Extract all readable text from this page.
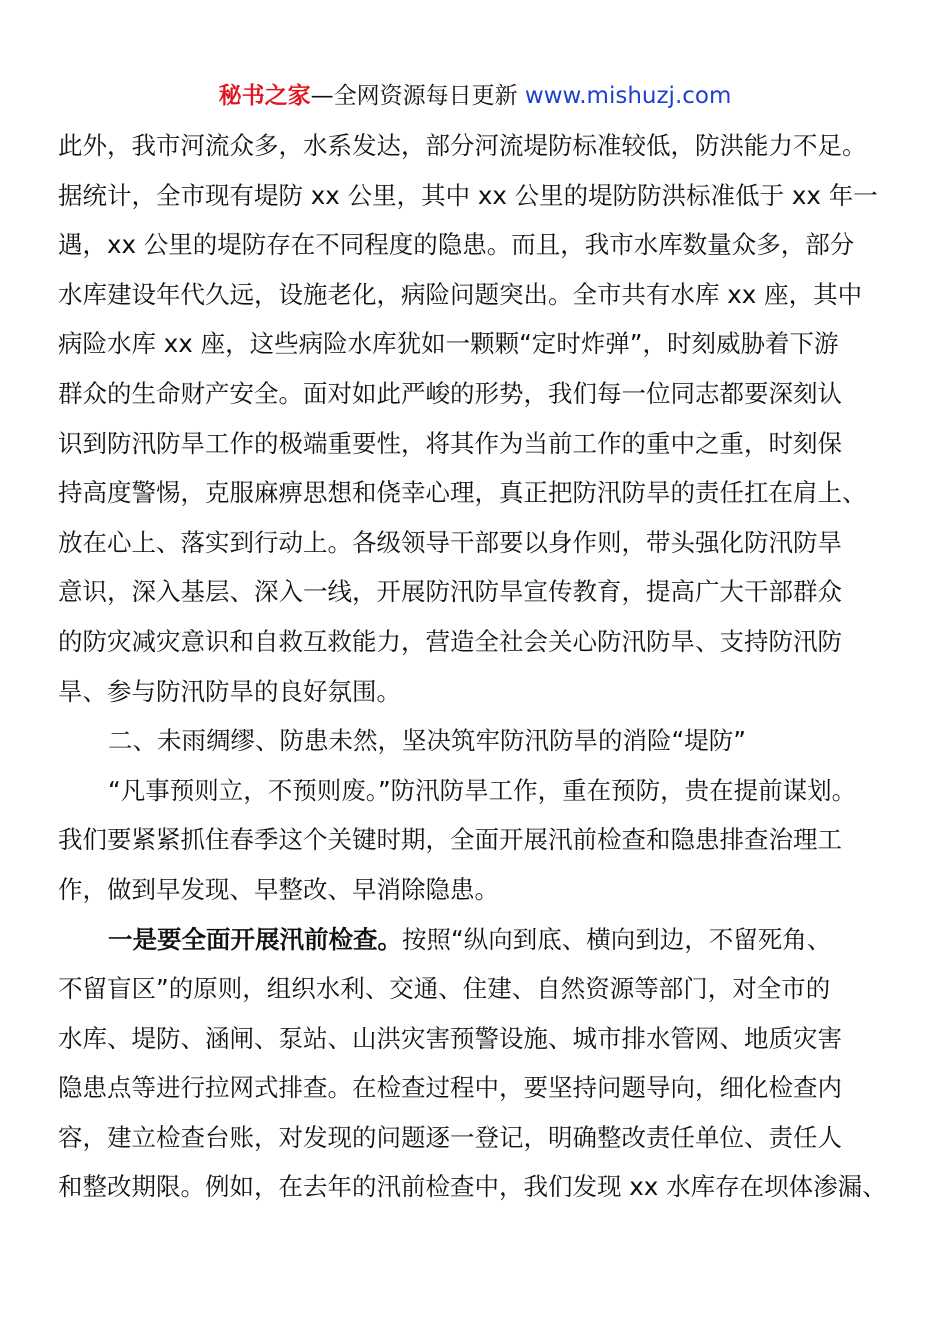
秘书之家—全网资源每日更新 www.mishuzj.com
此外，我市河流众多，水系发达，部分河流堤防标准较低，防洪能力不足。
据统计，全市现有堤防 xx 公里，其中 xx 公里的堤防防洪标准低于 xx 年一
遇，xx 公里的堤防存在不同程度的隐患。而且，我市水库数量众多，部分
水库建设年代久远，设施老化，病险问题突出。全市共有水库 xx 座，其中
病险水库 xx 座，这些病险水库犹如一颗颗“定时炸弹”，时刻威胁着下游
群众的生命财产安全。面对如此严峻的形势，我们每一位同志都要深刻认
识到防汛防旱工作的极端重要性，将其作为当前工作的重中之重，时刻保
持高度警惕，克服麻痹思想和侥幸心理，真正把防汛防旱的责任扛在肩上、
放在心上、落实到行动上。各级领导干部要以身作则，带头强化防汛防旱
意识，深入基层、深入一线，开展防汛防旱宣传教育，提高广大干部群众
的防灾减灾意识和自救互救能力，营造全社会关心防汛防旱、支持防汛防
旱、参与防汛防旱的良好氛围。
二、未雨绸缪、防患未然，坚决筑牢防汛防旱的消险“堤防”
“凡事预则立，不预则废。”防汛防旱工作，重在预防，贵在提前谋划。
我们要紧紧抓住春季这个关键时期，全面开展汛前检查和隐患排查治理工
作，做到早发现、早整改、早消除隐患。
一是要全面开展汛前检查。按照“纵向到底、横向到边，不留死角、
不留盲区”的原则，组织水利、交通、住建、自然资源等部门，对全市的
水库、堤防、涵闸、泵站、山洪灾害预警设施、城市排水管网、地质灾害
隐患点等进行拉网式排查。在检查过程中，要坚持问题导向，细化检查内
容，建立检查台账，对发现的问题逐一登记，明确整改责任单位、责任人
和整改期限。例如，在去年的汛前检查中，我们发现 xx 水库存在坝体渗漏、
